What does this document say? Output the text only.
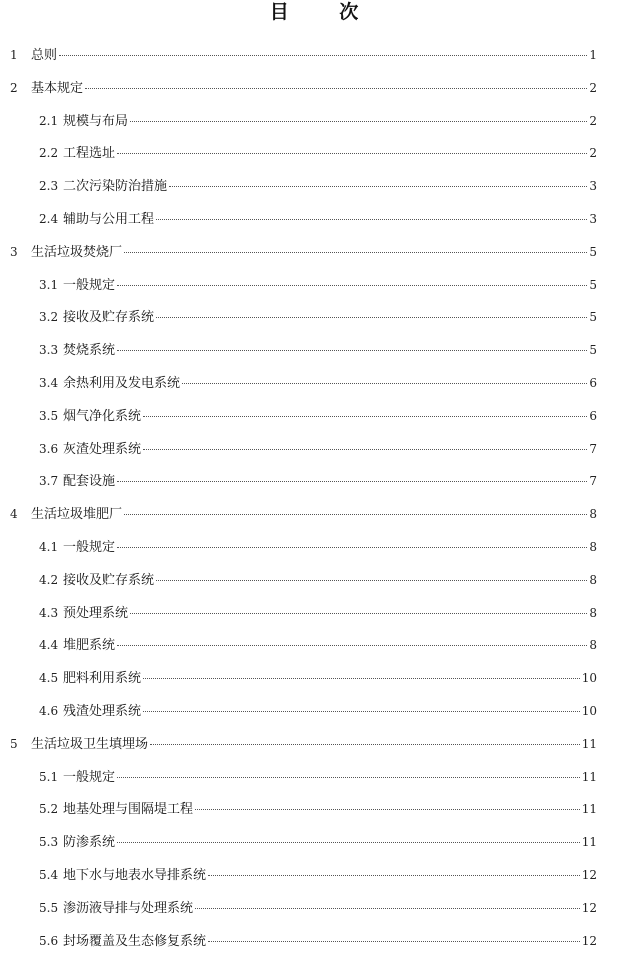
目 次
1	总则	1
2	基本规定	2
2.1 规模与布局	2
2.2 工程选址	2
2.3 二次污染防治措施	3
2.4 辅助与公用工程	3
3	生活垃圾焚烧厂	5
3.1 一般规定	5
3.2 接收及贮存系统	5
3.3 焚烧系统	5
3.4 余热利用及发电系统	6
3.5 烟气净化系统	6
3.6 灰渣处理系统	7
3.7 配套设施	7
4	生活垃圾堆肥厂	8
4.1 一般规定	8
4.2 接收及贮存系统	8
4.3 预处理系统	8
4.4 堆肥系统	8
4.5 肥料利用系统	10
4.6 残渣处理系统	10
5	生活垃圾卫生填埋场	11
5.1 一般规定	11
5.2 地基处理与围隔堤工程	11
5.3 防渗系统	11
5.4 地下水与地表水导排系统	12
5.5 渗沥液导排与处理系统	12
5.6 封场覆盖及生态修复系统	12
